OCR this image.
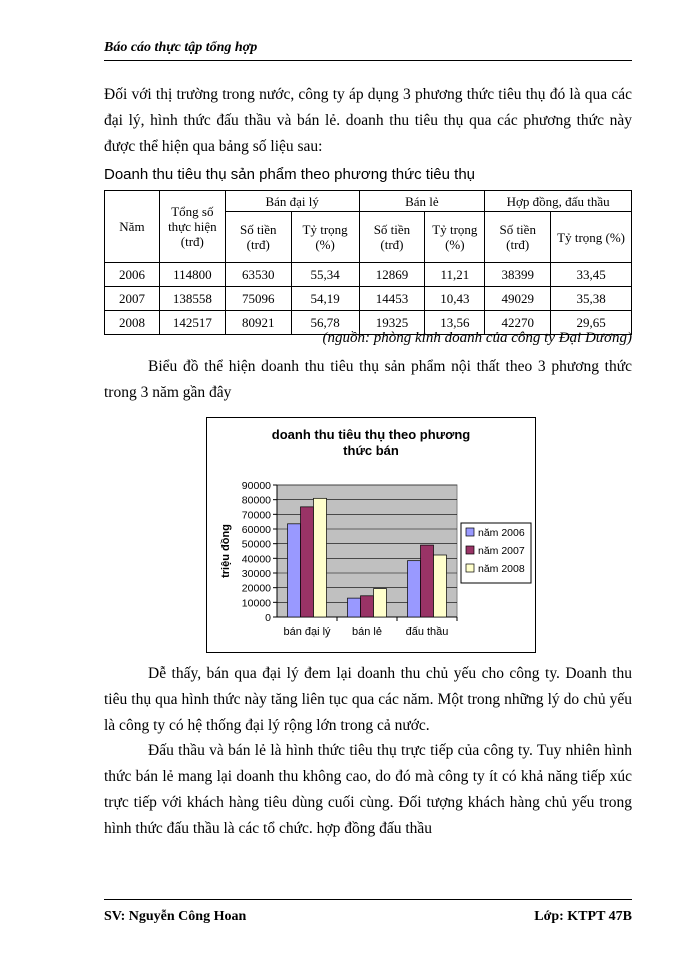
Báo cáo thực tập tổng hợp
Đối với thị trường trong nước, công ty áp dụng 3 phương thức tiêu thụ đó là qua các đại lý, hình thức đấu thầu và bán lẻ. doanh thu tiêu thụ qua các phương thức này được thể hiện qua bảng số liệu sau:
Doanh thu tiêu thụ sản phẩm theo phương thức tiêu thụ
Năm	Tổng số thực hiện (trđ)	Bán đại lý		Bán lẻ		Hợp đồng, đấu thầu	
		Số tiền (trđ)	Tỷ trọng (%)	Số tiền (trđ)	Tỷ trọng (%)	Số tiền (trđ)	Tỷ trọng (%)
2006	114800	63530	55,34	12869	11,21	38399	33,45
2007	138558	75096	54,19	14453	10,43	49029	35,38
2008	142517	80921	56,78	19325	13,56	42270	29,65
(nguồn: phòng kinh doanh của công ty Đại Dương)
Biểu đồ thể hiện doanh thu tiêu thụ sản phẩm nội thất theo 3 phương thức trong 3 năm gần đây
doanh thu tiêu thụ theo phương
thức bán
0
10000
20000
30000
40000
50000
60000
70000
80000
90000
triệu đồng
bán đại lý bán lẻ đấu thầu
năm 2006
năm 2007
năm 2008
Dễ thấy, bán qua đại lý đem lại doanh thu chủ yếu cho công ty. Doanh thu tiêu thụ qua hình thức này tăng liên tục qua các năm. Một trong những lý do chủ yếu là công ty có hệ thống đại lý rộng lớn trong cả nước.
Đấu thầu và bán lẻ là hình thức tiêu thụ trực tiếp của công ty. Tuy nhiên hình thức bán lẻ mang lại doanh thu không cao, do đó mà công ty ít có khả năng tiếp xúc trực tiếp với khách hàng tiêu dùng cuối cùng. Đối tượng khách hàng chủ yếu trong hình thức đấu thầu là các tổ chức. hợp đồng đấu thầu
SV: Nguyễn Công Hoan	Lớp: KTPT 47B
